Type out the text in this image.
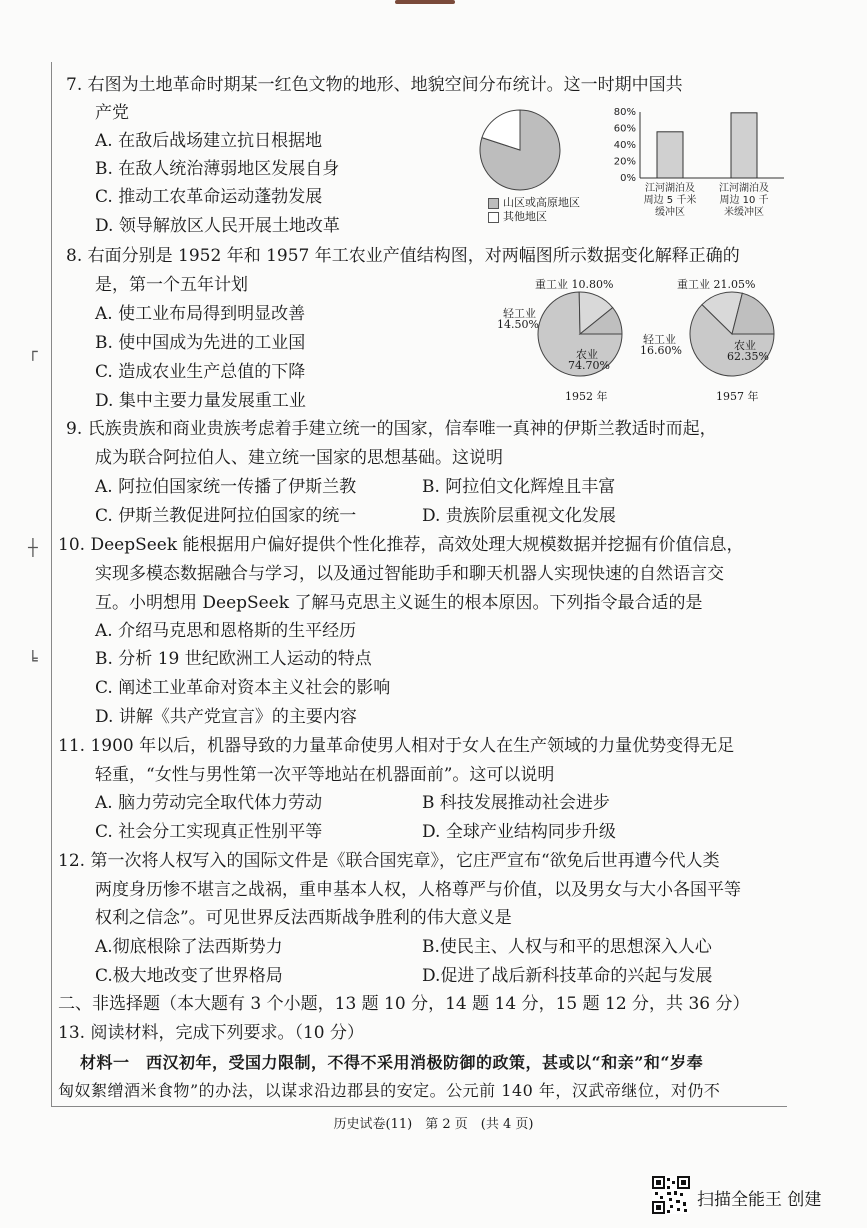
┌
┼
╘
7. 右图为土地革命时期某一红色文物的地形、地貌空间分布统计。这一时期中国共
产党
A. 在敌后战场建立抗日根据地
B. 在敌人统治薄弱地区发展自身
C. 推动工农革命运动蓬勃发展
D. 领导解放区人民开展土地改革
山区或高原地区
其他地区
80%
60%
40%
20%
0%
江河湖泊及
周边 5 千米
缓冲区
江河湖泊及
周边 10 千
米缓冲区
8. 右面分别是 1952 年和 1957 年工农业产值结构图，对两幅图所示数据变化解释正确的
是，第一个五年计划
A. 使工业布局得到明显改善
B. 使中国成为先进的工业国
C. 造成农业生产总值的下降
D. 集中主要力量发展重工业
重工业 10.80%
轻工业
14.50%
农业
74.70%
1952 年
重工业 21.05%
轻工业
16.60%	农业
62.35%
1957 年
9. 氏族贵族和商业贵族考虑着手建立统一的国家，信奉唯一真神的伊斯兰教适时而起，
成为联合阿拉伯人、建立统一国家的思想基础。这说明
A. 阿拉伯国家统一传播了伊斯兰教	B. 阿拉伯文化辉煌且丰富
C. 伊斯兰教促进阿拉伯国家的统一	D. 贵族阶层重视文化发展
10. DeepSeek 能根据用户偏好提供个性化推荐，高效处理大规模数据并挖掘有价值信息，
实现多模态数据融合与学习，以及通过智能助手和聊天机器人实现快速的自然语言交
互。小明想用 DeepSeek 了解马克思主义诞生的根本原因。下列指令最合适的是
A. 介绍马克思和恩格斯的生平经历
B. 分析 19 世纪欧洲工人运动的特点
C. 阐述工业革命对资本主义社会的影响
D. 讲解《共产党宣言》的主要内容
11. 1900 年以后，机器导致的力量革命使男人相对于女人在生产领域的力量优势变得无足
轻重，“女性与男性第一次平等地站在机器面前”。这可以说明
A. 脑力劳动完全取代体力劳动	B 科技发展推动社会进步
C. 社会分工实现真正性别平等	D. 全球产业结构同步升级
12. 第一次将人权写入的国际文件是《联合国宪章》，它庄严宣布“欲免后世再遭今代人类
两度身历惨不堪言之战祸，重申基本人权，人格尊严与价值，以及男女与大小各国平等
权利之信念”。可见世界反法西斯战争胜利的伟大意义是
A.彻底根除了法西斯势力	B.使民主、人权与和平的思想深入人心
C.极大地改变了世界格局	D.促进了战后新科技革命的兴起与发展
二、非选择题（本大题有 3 个小题，13 题 10 分，14 题 14 分，15 题 12 分，共 36 分）
13. 阅读材料，完成下列要求。（10 分）
材料一　西汉初年，受国力限制，不得不采用消极防御的政策，甚或以“和亲”和“岁奉
匈奴絮缯酒米食物”的办法，以谋求沿边郡县的安定。公元前 140 年，汉武帝继位，对仍不
历史试卷(11)　第 2 页　(共 4 页)
扫描全能王 创建
